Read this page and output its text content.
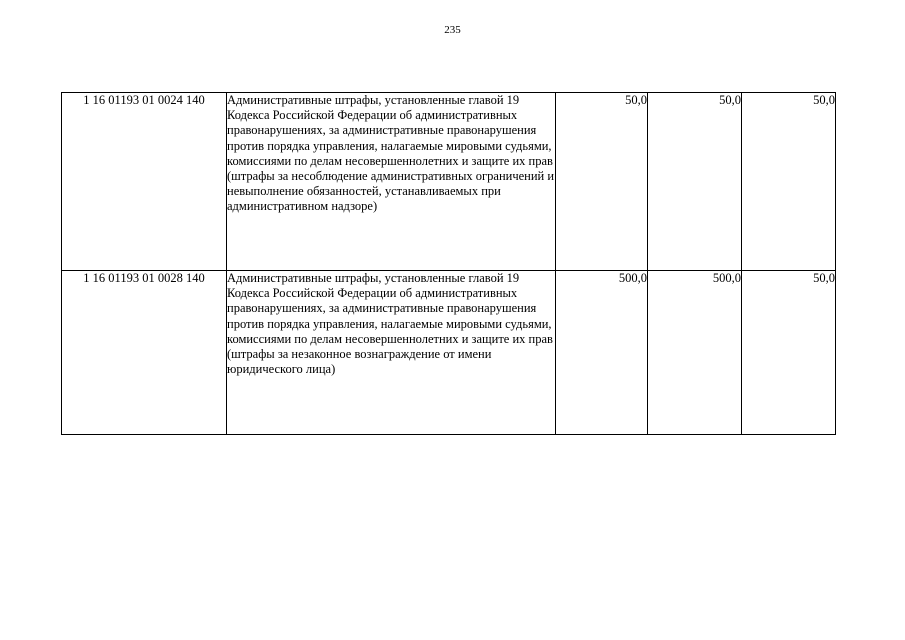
235
1 16 01193 01 0024 140	Административные штрафы, установленные главой 19 Кодекса Российской Федерации об административных правонарушениях, за административные правонарушения против порядка управления, налагаемые мировыми судьями, комиссиями по делам несовершеннолетних и защите их прав (штрафы за несоблюдение административных ограничений и невыполнение обязанностей, устанавливаемых при административном надзоре)	50,0	50,0	50,0
1 16 01193 01 0028 140	Административные штрафы, установленные главой 19 Кодекса Российской Федерации об административных правонарушениях, за административные правонарушения против порядка управления, налагаемые мировыми судьями, комиссиями по делам несовершеннолетних и защите их прав (штрафы за незаконное вознаграждение от имени юридического лица)	500,0	500,0	50,0
